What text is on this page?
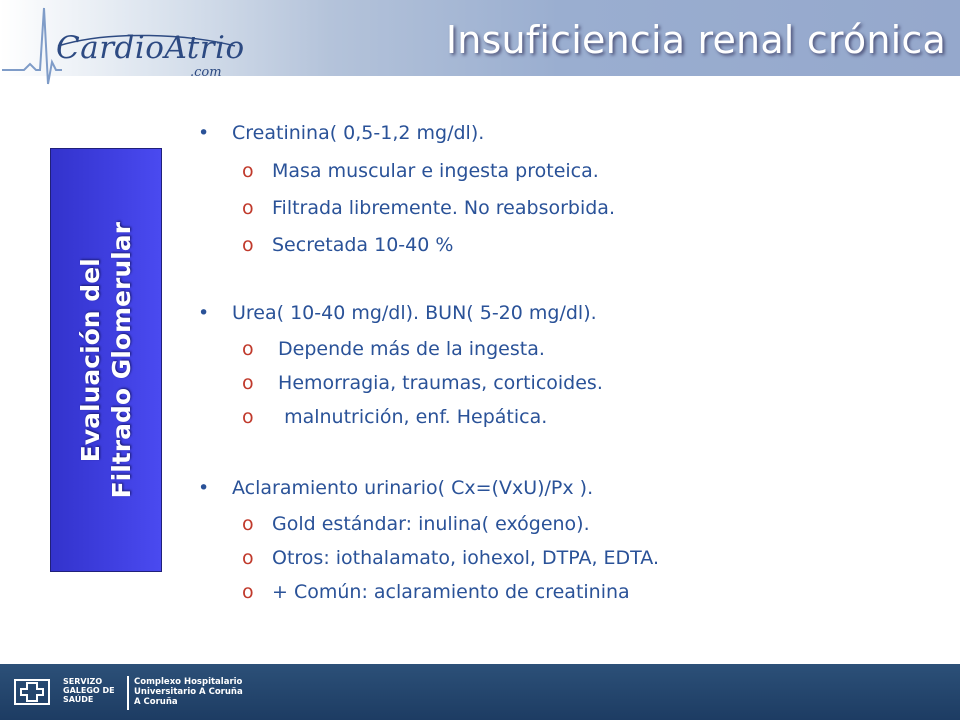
CardioAtrio
.com
Insuficiencia renal crónica
Evaluación del Filtrado Glomerular
• Creatinina( 0,5-1,2 mg/dl).
o Masa muscular e ingesta proteica.
o Filtrada libremente. No reabsorbida.
o Secretada 10-40 %
• Urea( 10-40 mg/dl). BUN( 5-20 mg/dl).
o Depende más de la ingesta.
o Hemorragia, traumas, corticoides.
o  malnutrición, enf. Hepática.
• Aclaramiento urinario( Cx=(VxU)/Px ).
o Gold estándar: inulina( exógeno).
o Otros: iothalamato, iohexol, DTPA, EDTA.
o + Común: aclaramiento de creatinina
SERVIZO GALEGO DE SAÚDE
Complexo Hospitalario
Universitario A Coruña
A Coruña
